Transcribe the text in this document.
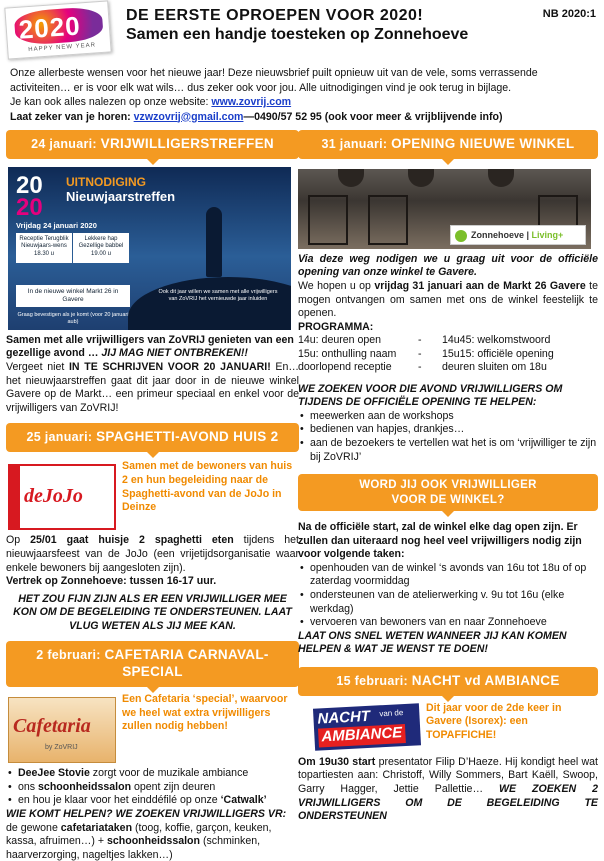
2020
HAPPY NEW YEAR
DE EERSTE OPROEPEN VOOR 2020!
Samen een handje toesteken op Zonnehoeve
NB 2020:1

Onze allerbeste wensen voor het nieuwe jaar! Deze nieuwsbrief puilt opnieuw uit van de vele, soms verrassende

activiteiten… er is voor elk wat wils… dus zeker ook voor jou. Alle uitnodigingen vind je ook terug in bijlage.

Je kan ook alles nalezen op onze website: www.zovrij.com

Laat zeker van je horen: vzwzovrij@gmail.com—0490/57 52 95 (ook voor meer & vrijblijvende info)

24 januari: VRIJWILLIGERSTREFFEN
20
20
UITNODIGING
Nieuwjaarstreffen
Vrijdag 24 januari 2020
Receptie Terugblik Nieuwjaars-wens 18.30 uLekkere hap Gezellige babbel 19.00 u
In de nieuwe winkel Markt 26 in Gavere
Graag bevestigen als je komt (voor 20 januari aub)
Ook dit jaar willen we samen met alle vrijwilligers van ZoVRIJ het vernieuwde jaar inluiden

Samen met alle vrijwilligers van ZoVRIJ genieten van een gezellige avond … JIJ MAG NIET ONTBREKEN!!

Vergeet niet IN TE SCHRIJVEN VOOR 20 JANUARI! En… het nieuwjaarstreffen gaat dit jaar door in de nieuwe winkel Gavere op de Markt… een primeur speciaal en enkel voor de vrijwilligers van ZoVRIJ!

25 januari: SPAGHETTI-AVOND HUIS 2
deJoJo

Samen met de bewoners van huis 2 en hun begeleiding naar de Spaghetti-avond van de JoJo in Deinze

Op 25/01 gaat huisje 2 spaghetti eten tijdens het nieuwjaarsfeest van de JoJo (een vrijetijdsorganisatie waar enkele bewoners bij aangesloten zijn).

Vertrek op Zonnehoeve: tussen 16-17 uur.

HET ZOU FIJN ZIJN ALS ER EEN VRIJWILLIGER MEE KON OM DE BEGELEIDING TE ONDERSTEUNEN. LAAT VLUG WETEN ALS JIJ MEE KAN.

2 februari: CAFETARIA CARNAVAL-SPECIAL
Cafetaria
by ZoVRIJ

Een Cafetaria ‘special’, waarvoor we heel wat extra vrijwilligers zullen nodig hebben!

• DeeJee Stovie zorgt voor de muzikale ambiance
• ons schoonheidssalon opent zijn deuren
• en hou je klaar voor het einddéfilé op onze ‘Catwalk’

WIE KOMT HELPEN? WE ZOEKEN VRIJWILLIGERS VR:

de gewone cafetariataken (toog, koffie, garçon, keuken, kassa, afruimen…) + schoonheidssalon (schminken, haarverzorging, nageltjes lakken…)

31 januari: OPENING NIEUWE WINKEL
Zonnehoeve | Living+

Via deze weg nodigen we u graag uit voor de officiële opening van onze winkel te Gavere.

We hopen u op vrijdag 31 januari aan de Markt 26 Gavere te mogen ontvangen om samen met ons de winkel feestelijk te openen.

PROGRAMMA:

14u: deuren open	-	14u45: welkomstwoord
15u: onthulling naam	-	15u15: officiële opening
doorlopend receptie	-	deuren sluiten om 18u

WE ZOEKEN VOOR DIE AVOND VRIJWILLIGERS OM TIJDENS DE OFFICIËLE OPENING TE HELPEN:

• meewerken aan de workshops
• bedienen van hapjes, drankjes…
• aan de bezoekers te vertellen wat het is om ‘vrijwilliger te zijn bij ZoVRIJ’
WORD JIJ OOK VRIJWILLIGER
VOOR DE WINKEL?

Na de officiële start, zal de winkel elke dag open zijn. Er zullen dan uiteraard nog heel veel vrijwilligers nodig zijn voor volgende taken:

• openhouden van de winkel ‘s avonds van 16u tot 18u of op zaterdag voormiddag
• ondersteunen van de atelierwerking v. 9u tot 16u (elke werkdag)
• vervoeren van bewoners van en naar Zonnehoeve

LAAT ONS SNEL WETEN WANNEER JIJ KAN KOMEN HELPEN & WAT JE WENST TE DOEN!

15 februari: NACHT vd AMBIANCE
NACHT van de
AMBIANCE

Dit jaar voor de 2de keer in Gavere (Isorex): een TOPAFFICHE!

Om 19u30 start presentator Filip D’Haeze. Hij kondigt heel wat topartiesten aan: Christoff, Willy Sommers, Bart Kaëll, Swoop, Garry Hagger, Jettie Pallettie… WE ZOEKEN 2 VRIJWILLIGERS OM DE BEGELEIDING TE ONDERSTEUNEN
